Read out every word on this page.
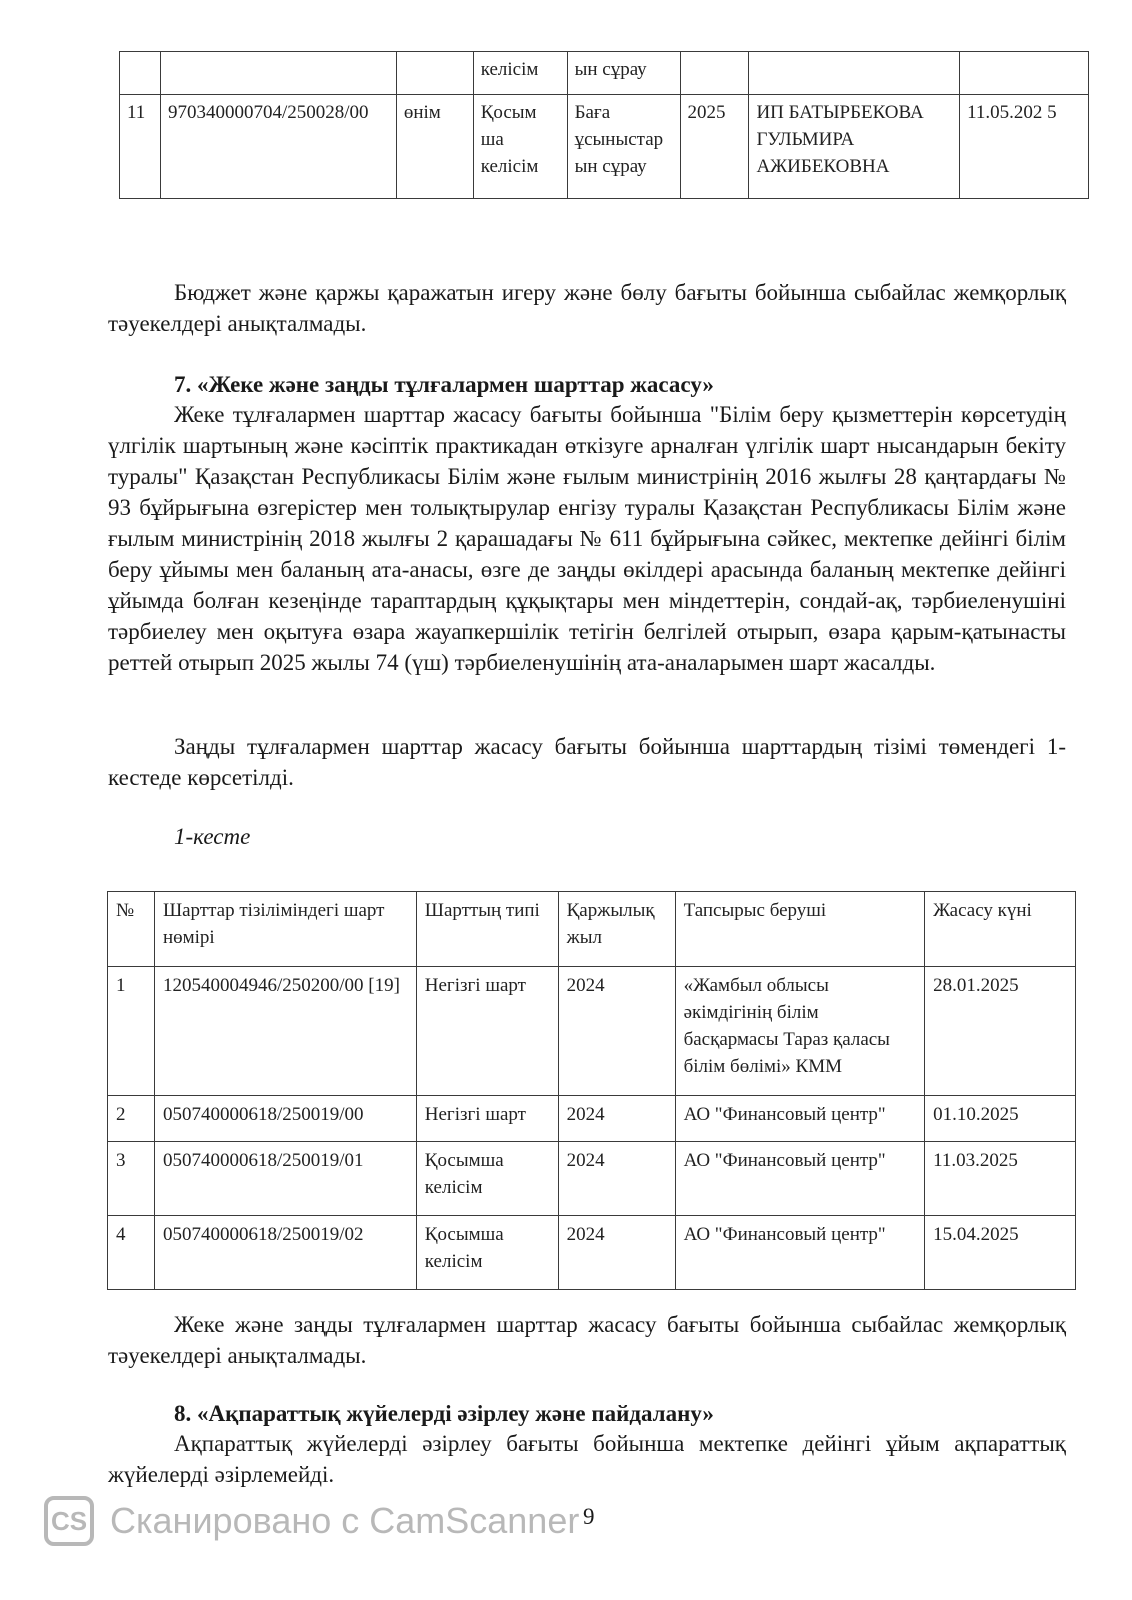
			келісім	ын сұрау			
11	970340000704/250028/00	өнім	Қосым ша келісім	Баға ұсыныстар ын сұрау	2025	ИП БАТЫРБЕКОВА ГУЛЬМИРА АЖИБЕКОВНА	11.05.202 5

Бюджет және қаржы қаражатын игеру және бөлу бағыты бойынша сыбайлас жемқорлық тәуекелдері анықталмады.

7. «Жеке және заңды тұлғалармен шарттар жасасу»

Жеке тұлғалармен шарттар жасасу бағыты бойынша "Білім беру қызметтерін көрсетудің үлгілік шартының және кәсіптік практикадан өткізуге арналған үлгілік шарт нысандарын бекіту туралы" Қазақстан Республикасы Білім және ғылым министрінің 2016 жылғы 28 қаңтардағы № 93 бұйрығына өзгерістер мен толықтырулар енгізу туралы Қазақстан Республикасы Білім және ғылым министрінің 2018 жылғы 2 қарашадағы № 611 бұйрығына сәйкес, мектепке дейінгі білім беру ұйымы мен баланың ата-анасы, өзге де заңды өкілдері арасында баланың мектепке дейінгі ұйымда болған кезеңінде тараптардың құқықтары мен міндеттерін, сондай-ақ, тәрбиеленушіні тәрбиелеу мен оқытуға өзара жауапкершілік тетігін белгілей отырып, өзара қарым-қатынасты реттей отырып 2025 жылы 74 (үш) тәрбиеленушінің ата-аналарымен шарт жасалды.

Заңды тұлғалармен шарттар жасасу бағыты бойынша шарттардың тізімі төмендегі 1-кестеде көрсетілді.

1-кесте

№	Шарттар тізіліміндегі шарт нөмірі	Шарттың типі	Қаржылық жыл	Тапсырыс беруші	Жасасу күні
1	120540004946/250200/00 [19]	Негізгі шарт	2024	«Жамбыл облысы әкімдігінің білім басқармасы Тараз қаласы білім бөлімі» КММ	28.01.2025
2	050740000618/250019/00	Негізгі шарт	2024	АО "Финансовый центр"	01.10.2025
3	050740000618/250019/01	Қосымша келісім	2024	АО "Финансовый центр"	11.03.2025
4	050740000618/250019/02	Қосымша келісім	2024	АО "Финансовый центр"	15.04.2025

Жеке және заңды тұлғалармен шарттар жасасу бағыты бойынша сыбайлас жемқорлық тәуекелдері анықталмады.

8. «Ақпараттық жүйелерді әзірлеу және пайдалану»

Ақпараттық жүйелерді әзірлеу бағыты бойынша мектепке дейінгі ұйым ақпараттық жүйелерді әзірлемейді.

CS Сканировано с CamScanner 9
